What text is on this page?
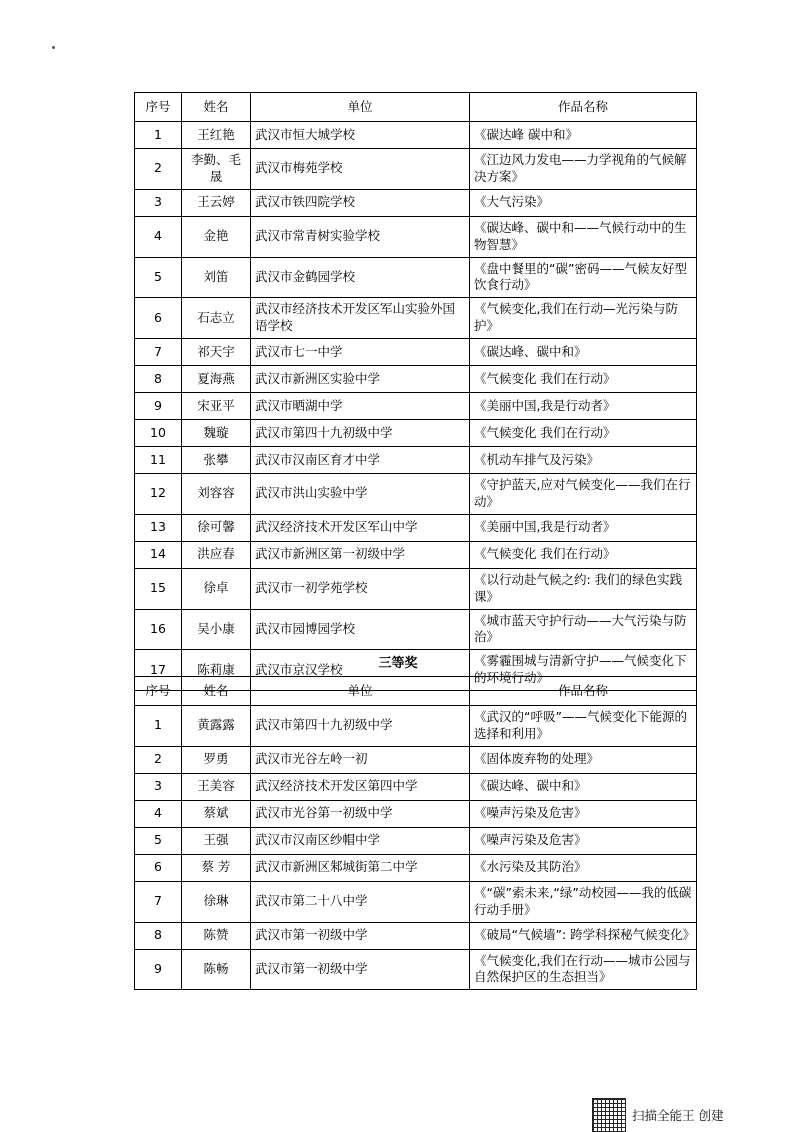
序号	姓名	单位	作品名称
1	王红艳	武汉市恒大城学校	《碳达峰 碳中和》
2	李勤、毛晟	武汉市梅苑学校	《江边风力发电——力学视角的气候解决方案》
3	王云婷	武汉市铁四院学校	《大气污染》
4	金艳	武汉市常青树实验学校	《碳达峰、碳中和——气候行动中的生物智慧》
5	刘笛	武汉市金鹤园学校	《盘中餐里的“碳”密码——气候友好型饮食行动》
6	石志立	武汉市经济技术开发区军山实验外国语学校	《气候变化,我们在行动—光污染与防护》
7	祁天宇	武汉市七一中学	《碳达峰、碳中和》
8	夏海燕	武汉市新洲区实验中学	《气候变化 我们在行动》
9	宋亚平	武汉市晒湖中学	《美丽中国,我是行动者》
10	魏璇	武汉市第四十九初级中学	《气候变化 我们在行动》
11	张攀	武汉市汉南区育才中学	《机动车排气及污染》
12	刘容容	武汉市洪山实验中学	《守护蓝天,应对气候变化——我们在行动》
13	徐可馨	武汉经济技术开发区军山中学	《美丽中国,我是行动者》
14	洪应春	武汉市新洲区第一初级中学	《气候变化 我们在行动》
15	徐卓	武汉市一初学苑学校	《以行动赴气候之约: 我们的绿色实践课》
16	吴小康	武汉市园博园学校	《城市蓝天守护行动——大气污染与防治》
17	陈莉康	武汉市京汉学校	《雾霾围城与清新守护——气候变化下的环境行动》
三等奖
序号	姓名	单位	作品名称
1	黄露露	武汉市第四十九初级中学	《武汉的“呼吸”——气候变化下能源的选择和利用》
2	罗勇	武汉市光谷左岭一初	《固体废弃物的处理》
3	王美容	武汉经济技术开发区第四中学	《碳达峰、碳中和》
4	蔡斌	武汉市光谷第一初级中学	《噪声污染及危害》
5	王强	武汉市汉南区纱帽中学	《噪声污染及危害》
6	蔡 芳	武汉市新洲区邾城街第二中学	《水污染及其防治》
7	徐琳	武汉市第二十八中学	《“碳”索未来,“绿”动校园——我的低碳行动手册》
8	陈赞	武汉市第一初级中学	《破局“气候墙”: 跨学科探秘气候变化》
9	陈畅	武汉市第一初级中学	《气候变化,我们在行动——城市公园与自然保护区的生态担当》
扫描全能王 创建
